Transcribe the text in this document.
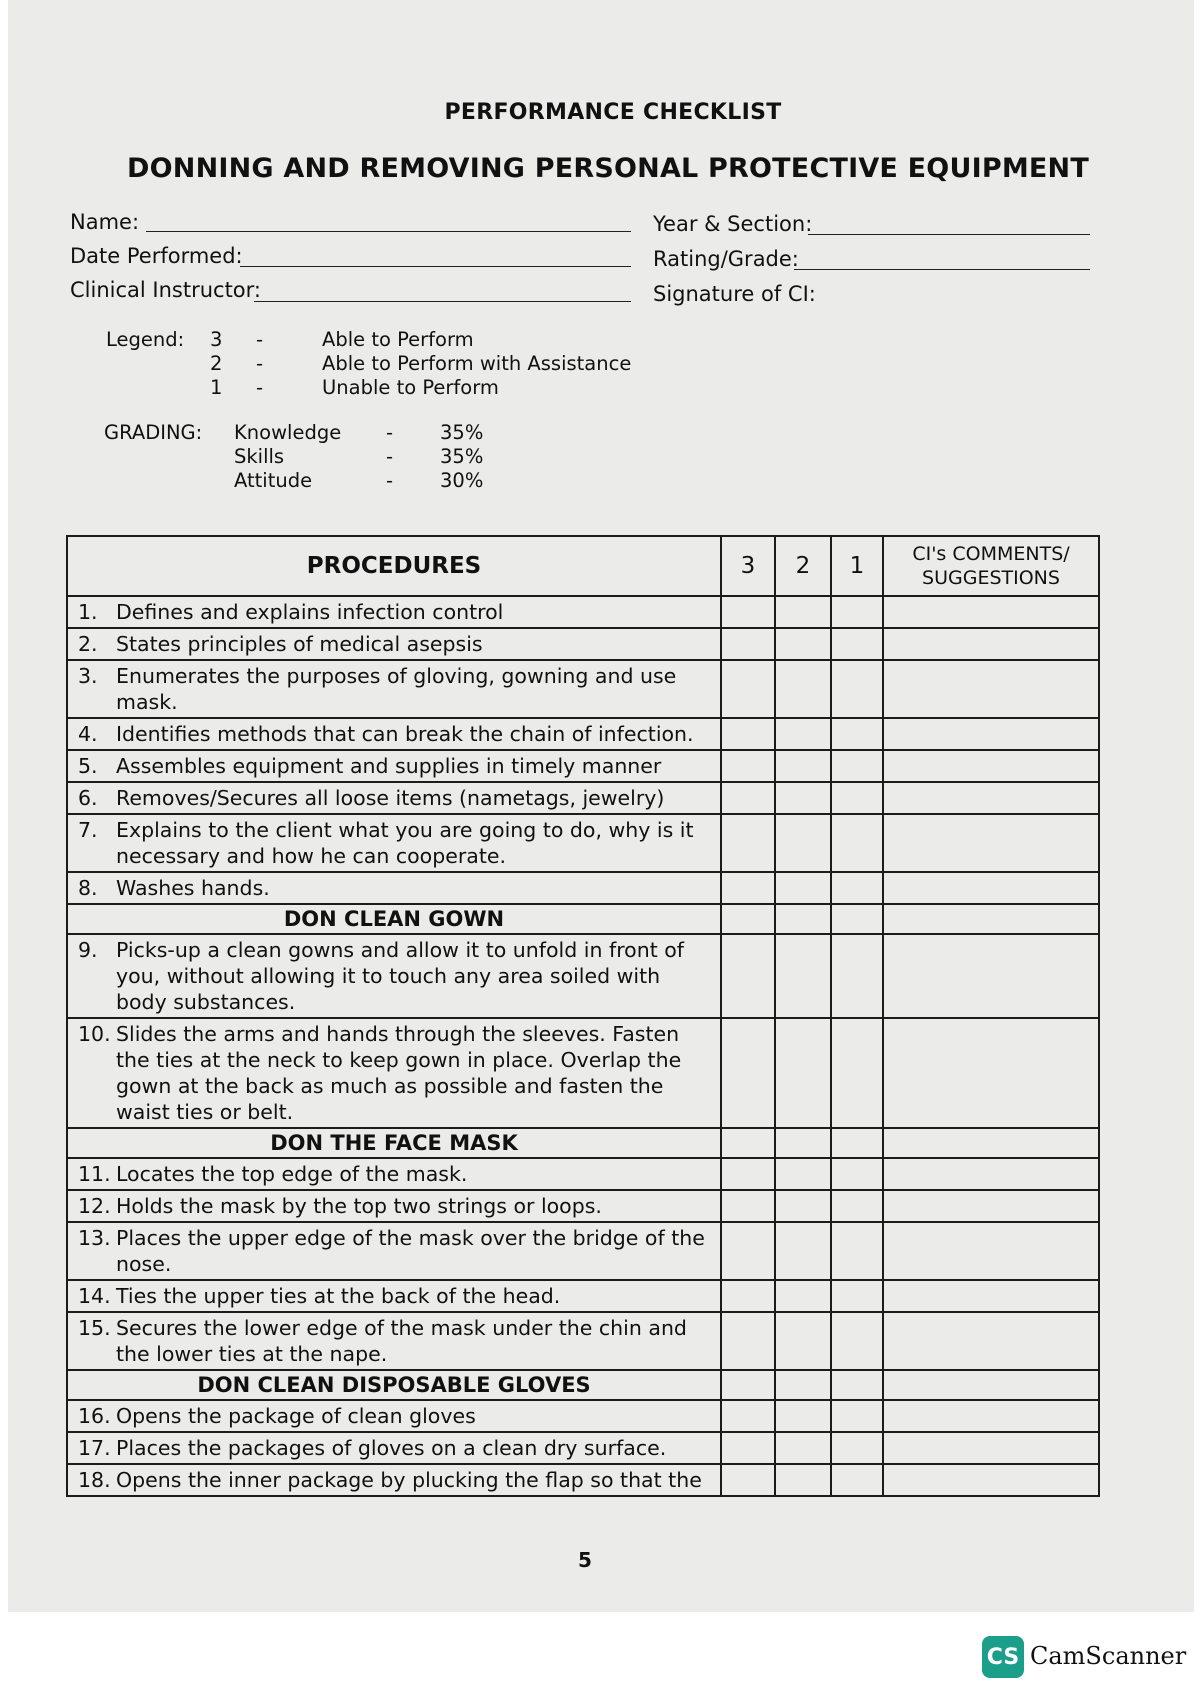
PERFORMANCE CHECKLIST
DONNING AND REMOVING PERSONAL PROTECTIVE EQUIPMENT
Name:
Date Performed:
Clinical Instructor:
Year & Section:
Rating/Grade:
Signature of CI:
Legend: 3 -	Able to Perform
2 -	Able to Perform with Assistance
1 -	Unable to Perform
GRADING: Knowledge - 35%
Skills	- 35%
Attitude	- 30%
PROCEDURES	3	2	1	CI's COMMENTS/
SUGGESTIONS

1. Defines and explains infection control				

2. States principles of medical asepsis				

3. Enumerates the purposes of gloving, gowning and use mask.				

4. Identifies methods that can break the chain of infection.				

5. Assembles equipment and supplies in timely manner				

6. Removes/Secures all loose items (nametags, jewelry)				

7. Explains to the client what you are going to do, why is it necessary and how he can cooperate.				

8. Washes hands.				

DON CLEAN GOWN				

9. Picks-up a clean gowns and allow it to unfold in front of you, without allowing it to touch any area soiled with body substances.				

10. Slides the arms and hands through the sleeves. Fasten the ties at the neck to keep gown in place. Overlap the gown at the back as much as possible and fasten the waist ties or belt.				

DON THE FACE MASK				

11. Locates the top edge of the mask.				

12. Holds the mask by the top two strings or loops.				

13. Places the upper edge of the mask over the bridge of the nose.				

14. Ties the upper ties at the back of the head.				

15. Secures the lower edge of the mask under the chin and the lower ties at the nape.				

DON CLEAN DISPOSABLE GLOVES				

16. Opens the package of clean gloves				

17. Places the packages of gloves on a clean dry surface.				

18. Opens the inner package by plucking the flap so that the				

5
CS CamScanner
